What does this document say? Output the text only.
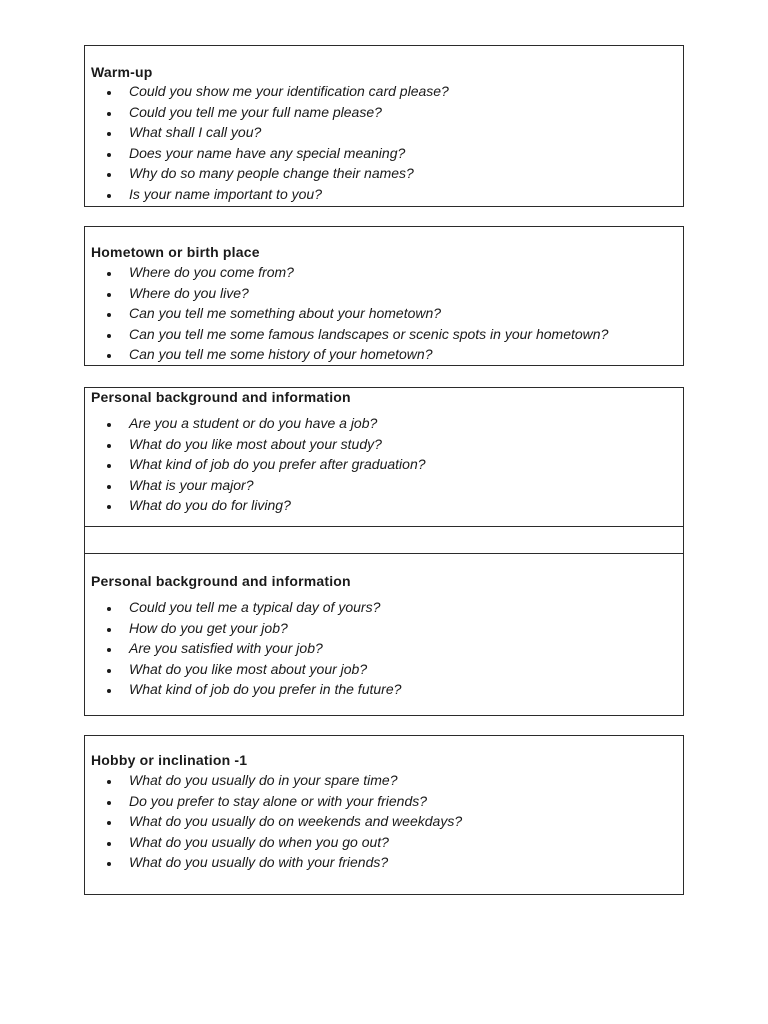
Warm-up
Could you show me your identification card please?
Could you tell me your full name please?
What shall I call you?
Does your name have any special meaning?
Why do so many people change their names?
Is your name important to you?
Hometown or birth place
Where do you come from?
Where do you live?
Can you tell me something about your hometown?
Can you tell me some famous landscapes or scenic spots in your hometown?
Can you tell me some history of your hometown?
Personal background and information
Are you a student or do you have a job?
What do you like most about your study?
What kind of job do you prefer after graduation?
What is your major?
What do you do for living?
Personal background and information
Could you tell me a typical day of yours?
How do you get your job?
Are you satisfied with your job?
What do you like most about your job?
What kind of job do you prefer in the future?
Hobby or inclination -1
What do you usually do in your spare time?
Do you prefer to stay alone or with your friends?
What do you usually do on weekends and weekdays?
What do you usually do when you go out?
What do you usually do with your friends?
